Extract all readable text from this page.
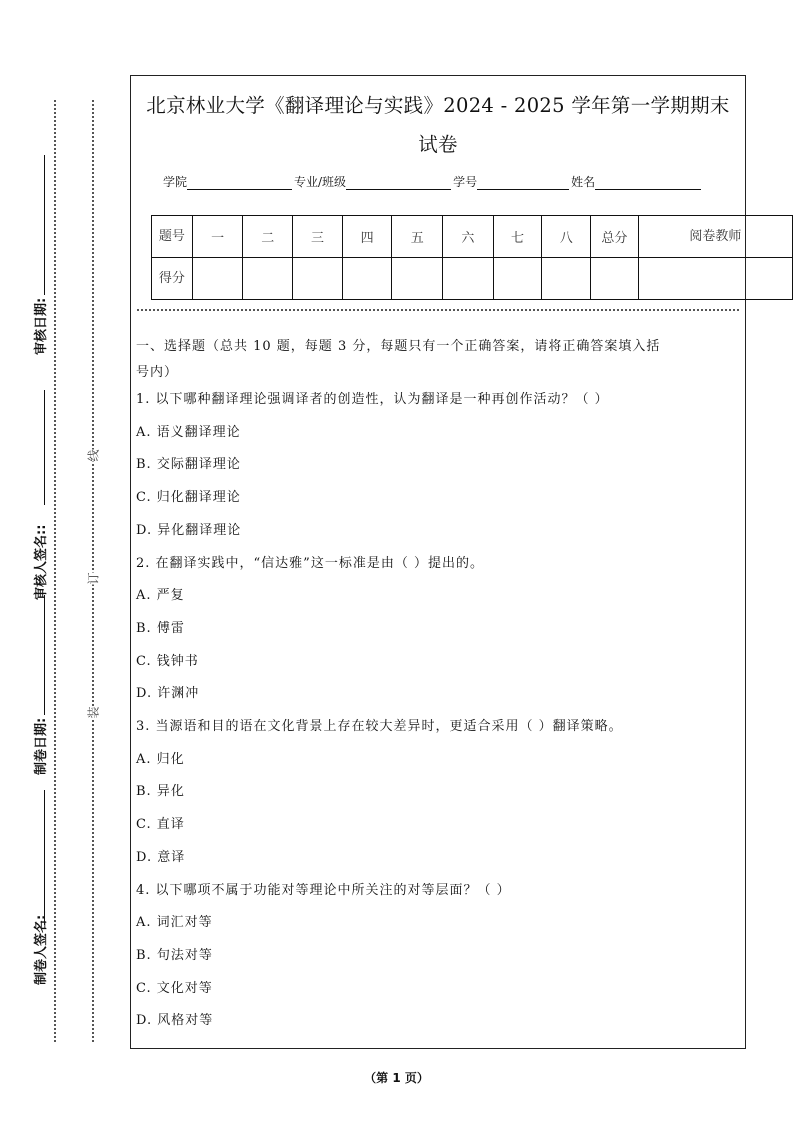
线
订
装
制卷人签名:
制卷日期:
审核人签名::
审核日期:
北京林业大学《翻译理论与实践》2024 - 2025 学年第一学期期末
试卷
学院	专业/班级	学号	姓名
题号	一	二	三	四	五	六	七	八	总分	阅卷教师
得分										
一、选择题（总共 10 题，每题 3 分，每题只有一个正确答案，请将正确答案填入括
号内）
1. 以下哪种翻译理论强调译者的创造性，认为翻译是一种再创作活动？（ ）
A. 语义翻译理论
B. 交际翻译理论
C. 归化翻译理论
D. 异化翻译理论
2. 在翻译实践中，“信达雅”这一标准是由（ ）提出的。
A. 严复
B. 傅雷
C. 钱钟书
D. 许渊冲
3. 当源语和目的语在文化背景上存在较大差异时，更适合采用（ ）翻译策略。
A. 归化
B. 异化
C. 直译
D. 意译
4. 以下哪项不属于功能对等理论中所关注的对等层面？（ ）
A. 词汇对等
B. 句法对等
C. 文化对等
D. 风格对等
（第 1 页）
